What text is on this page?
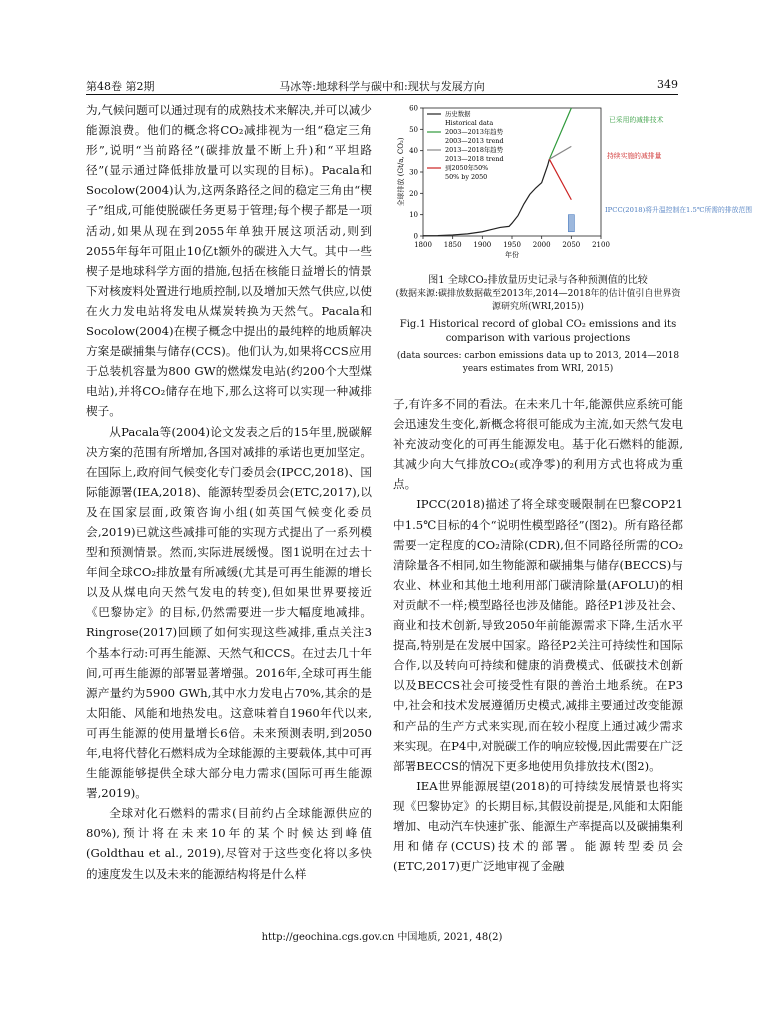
第48卷 第2期	马冰等:地球科学与碳中和:现状与发展方向	349

为,气候问题可以通过现有的成熟技术来解决,并可以减少能源浪费。他们的概念将CO₂减排视为一组“稳定三角形”,说明“当前路径”(碳排放量不断上升)和“平坦路径”(显示通过降低排放量可以实现的目标)。Pacala和Socolow(2004)认为,这两条路径之间的稳定三角由“楔子”组成,可能使脱碳任务更易于管理;每个楔子都是一项活动,如果从现在到2055年单独开展这项活动,则到2055年每年可阻止10亿t额外的碳进入大气。其中一些楔子是地球科学方面的措施,包括在核能日益增长的情景下对核废料处置进行地质控制,以及增加天然气供应,以使在火力发电站将发电从煤炭转换为天然气。Pacala和Socolow(2004)在楔子概念中提出的最纯粹的地质解决方案是碳捕集与储存(CCS)。他们认为,如果将CCS应用于总装机容量为800 GW的燃煤发电站(约200个大型煤电站),并将CO₂储存在地下,那么这将可以实现一种减排楔子。

从Pacala等(2004)论文发表之后的15年里,脱碳解决方案的范围有所增加,各国对减排的承诺也更加坚定。在国际上,政府间气候变化专门委员会(IPCC,2018)、国际能源署(IEA,2018)、能源转型委员会(ETC,2017),以及在国家层面,政策咨询小组(如英国气候变化委员会,2019)已就这些减排可能的实现方式提出了一系列模型和预测情景。然而,实际进展缓慢。图1说明在过去十年间全球CO₂排放量有所减缓(尤其是可再生能源的增长以及从煤电向天然气发电的转变),但如果世界要接近《巴黎协定》的目标,仍然需要进一步大幅度地减排。Ringrose(2017)回顾了如何实现这些减排,重点关注3个基本行动:可再生能源、天然气和CCS。在过去几十年间,可再生能源的部署显著增强。2016年,全球可再生能源产量约为5900 GWh,其中水力发电占70%,其余的是太阳能、风能和地热发电。这意味着自1960年代以来,可再生能源的使用量增长6倍。未来预测表明,到2050年,电将代替化石燃料成为全球能源的主要载体,其中可再生能源能够提供全球大部分电力需求(国际可再生能源署,2019)。

全球对化石燃料的需求(目前约占全球能源供应的80%),预计将在未来10年的某个时候达到峰值(Goldthau et al., 2019),尽管对于这些变化将以多快的速度发生以及未来的能源结构将是什么样

1800 1850 1900 1950 2000 2050 2100
0
10
20
30
40
50
60
年份
全球排放 (Gt/a, CO₂)
历史数据
Historical data
2003—2013年趋势
2003—2013 trend
2013—2018年趋势
2013—2018 trend
到2050年50%
50% by 2050
已采用的减排技术
持续实施的减排量
IPCC(2018)将升温控制在1.5℃所需的排放范围
图1 全球CO₂排放量历史记录与各种预测值的比较
(数据来源:碳排放数据截至2013年,2014—2018年的估计值引自世界资源研究所(WRI,2015))
Fig.1 Historical record of global CO₂ emissions and its comparison with various projections
(data sources: carbon emissions data up to 2013, 2014—2018 years estimates from WRI, 2015)

子,有许多不同的看法。在未来几十年,能源供应系统可能会迅速发生变化,新概念将很可能成为主流,如天然气发电补充波动变化的可再生能源发电。基于化石燃料的能源,其减少向大气排放CO₂(或净零)的利用方式也将成为重点。

IPCC(2018)描述了将全球变暖限制在巴黎COP21中1.5℃目标的4个“说明性模型路径”(图2)。所有路径都需要一定程度的CO₂清除(CDR),但不同路径所需的CO₂清除量各不相同,如生物能源和碳捕集与储存(BECCS)与农业、林业和其他土地利用部门碳清除量(AFOLU)的相对贡献不一样;模型路径也涉及储能。路径P1涉及社会、商业和技术创新,导致2050年前能源需求下降,生活水平提高,特别是在发展中国家。路径P2关注可持续性和国际合作,以及转向可持续和健康的消费模式、低碳技术创新以及BECCS社会可接受性有限的善治土地系统。在P3中,社会和技术发展遵循历史模式,减排主要通过改变能源和产品的生产方式来实现,而在较小程度上通过减少需求来实现。在P4中,对脱碳工作的响应较慢,因此需要在广泛部署BECCS的情况下更多地使用负排放技术(图2)。

IEA世界能源展望(2018)的可持续发展情景也将实现《巴黎协定》的长期目标,其假设前提是,风能和太阳能增加、电动汽车快速扩张、能源生产率提高以及碳捕集利用和储存(CCUS)技术的部署。能源转型委员会(ETC,2017)更广泛地审视了金融

http://geochina.cgs.gov.cn 中国地质, 2021, 48(2)
